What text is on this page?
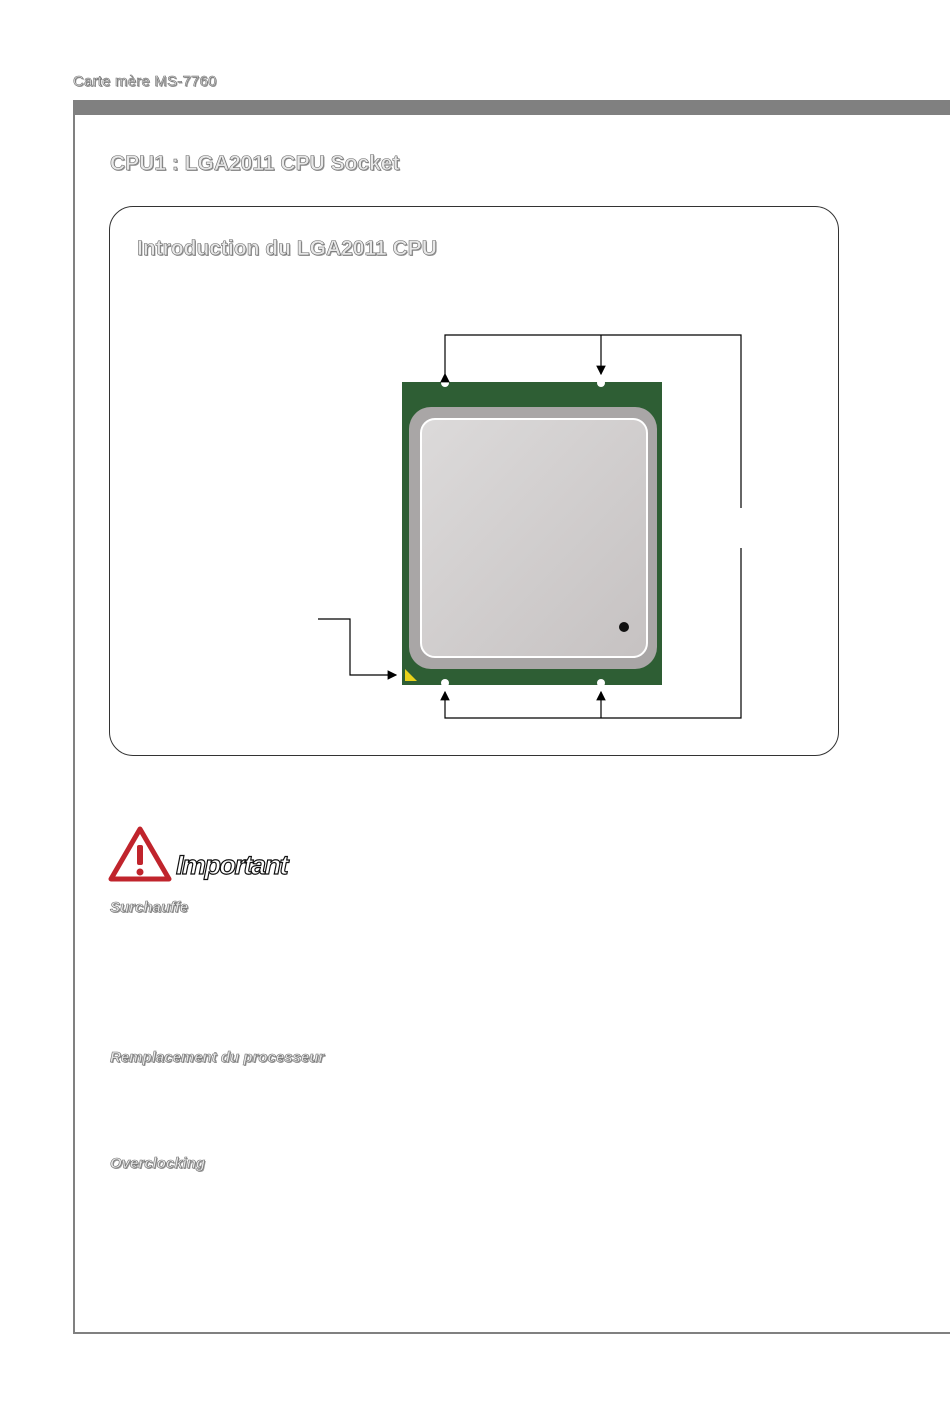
Carte mère MS-7760
CPU1 : LGA2011 CPU Socket
Introduction du LGA2011 CPU
Important
Surchauffe
Remplacement du processeur
Overclocking
